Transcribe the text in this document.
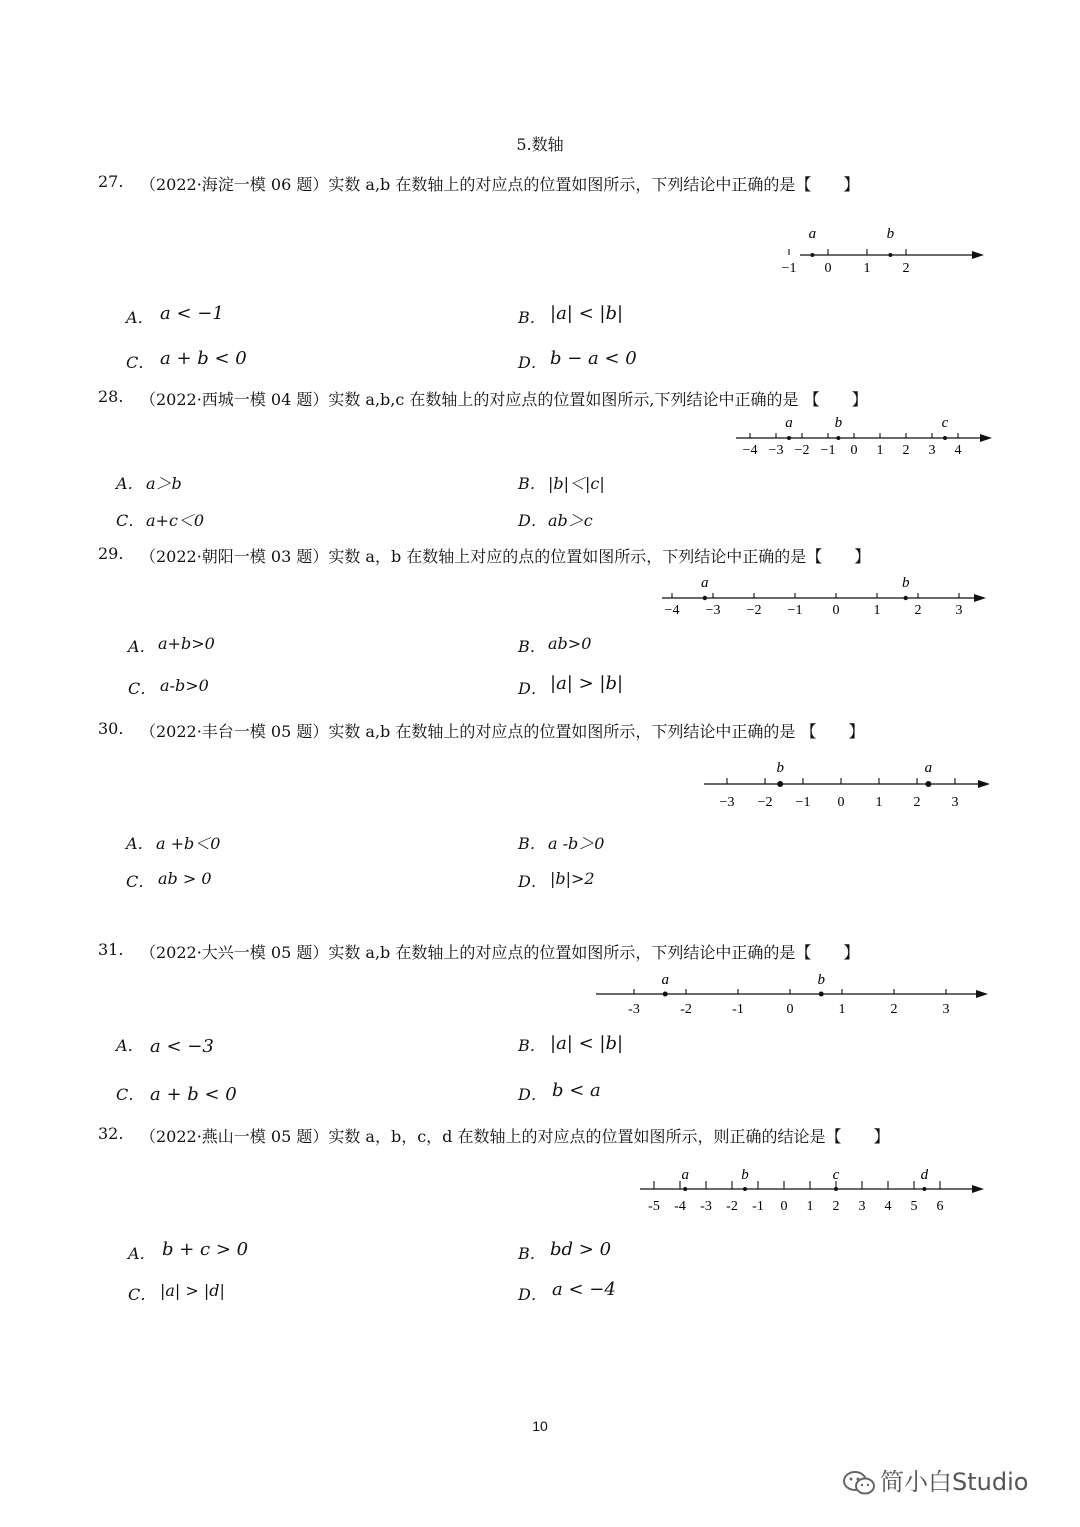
5.数轴
27. （2022·海淀一模 06 题）实数 a,b 在数轴上的对应点的位置如图所示，下列结论中正确的是【　　】
−1 0 1 2
a	b
A． a < −1	B． |a| < |b|
C． a + b < 0	D． b − a < 0
28. （2022·西城一模 04 题）实数 a,b,c 在数轴上的对应点的位置如图所示,下列结论中正确的是 【　　】
−4 −3 −2 −1 0 1 2 3 4
a	b	c
A． a＞b	B． |b|＜|c|
C． a+c＜0	D． ab＞c
29. （2022·朝阳一模 03 题）实数 a，b 在数轴上对应的点的位置如图所示，下列结论中正确的是【　　】
−4 −3 −2 −1 0 1 2 3
a	b
A． a+b>0	B． ab>0
C． a-b>0	D． |a| > |b|
30. （2022·丰台一模 05 题）实数 a,b 在数轴上的对应点的位置如图所示，下列结论中正确的是 【　　】
−3 −2 −1 0 1 2 3
b	a
A． a +b＜0	B． a -b＞0
C． ab > 0	D． |b|>2
31. （2022·大兴一模 05 题）实数 a,b 在数轴上的对应点的位置如图所示，下列结论中正确的是【　　】
-3	-2	-1	0	1	2	3
a	b
A． a < −3	B． |a| < |b|
C． a + b < 0	D． b < a
32. （2022·燕山一模 05 题）实数 a，b，c，d 在数轴上的对应点的位置如图所示，则正确的结论是【　　】
-5 -4 -3 -2 -1 0 1 2 3 4 5 6
a	b	c	d
A． b + c > 0	B． bd > 0
C． |a| > |d|	D． a < −4
10
简小白Studio
